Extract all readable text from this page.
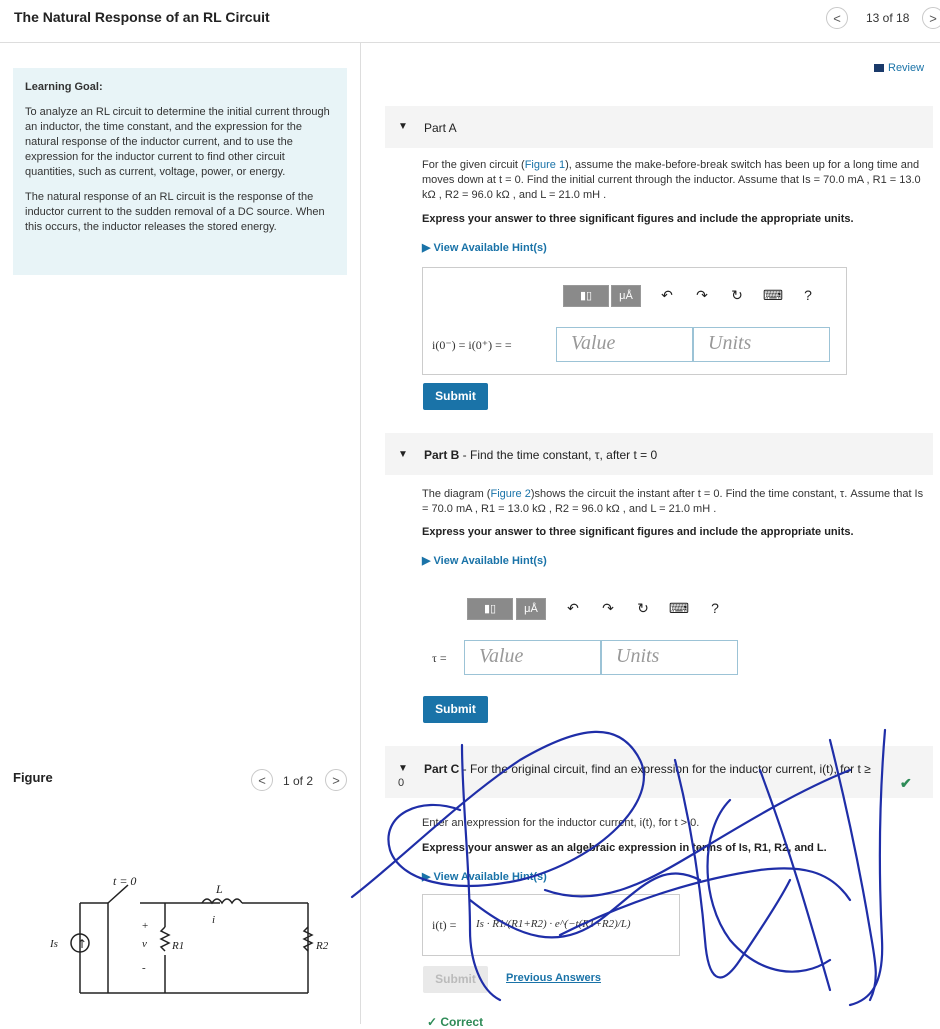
The Natural Response of an RL Circuit	<	13 of 18	>
Learning Goal:

To analyze an RL circuit to determine the initial current through an inductor, the time constant, and the expression for the natural response of the inductor current, and to use the expression for the inductor current to find other circuit quantities, such as current, voltage, power, or energy.

The natural response of an RL circuit is the response of the inductor current to the sudden removal of a DC source. When this occurs, the inductor releases the stored energy.

Review
▼ Part A
For the given circuit (Figure 1), assume the make-before-break switch has been up for a long time and moves down at t = 0. Find the initial current through the inductor. Assume that Is = 70.0 mA , R1 = 13.0 kΩ , R2 = 96.0 kΩ , and L = 21.0 mH .
Express your answer to three significant figures and include the appropriate units.
▶ View Available Hint(s)
▮▯	μÅ	↶ ↷ ↻ ⌨ ?
i(0⁻) = i(0⁺) = =	Value	Units
Submit
▼ Part B - Find the time constant, τ, after t = 0
The diagram (Figure 2)shows the circuit the instant after t = 0. Find the time constant, τ. Assume that Is = 70.0 mA , R1 = 13.0 kΩ , R2 = 96.0 kΩ , and L = 21.0 mH .
Express your answer to three significant figures and include the appropriate units.
▶ View Available Hint(s)
▮▯	μÅ	↶ ↷ ↻ ⌨ ?
τ =	Value	Units
Submit
▼
0
Part C - For the original circuit, find an expression for the inductor current, i(t), for t ≥
✔
Enter an expression for the inductor current, i(t), for t > 0.
Express your answer as an algebraic expression in terms of Is, R1, R2, and L.
▶ View Available Hint(s)
i(t) = Is · R1/(R1+R2) · e^(−t(R1+R2)/L)
Submit	Previous Answers
✓ Correct
Figure	<	1 of 2	>
↑
t = 0
L
i
Is	v
+
-
R1	R2
